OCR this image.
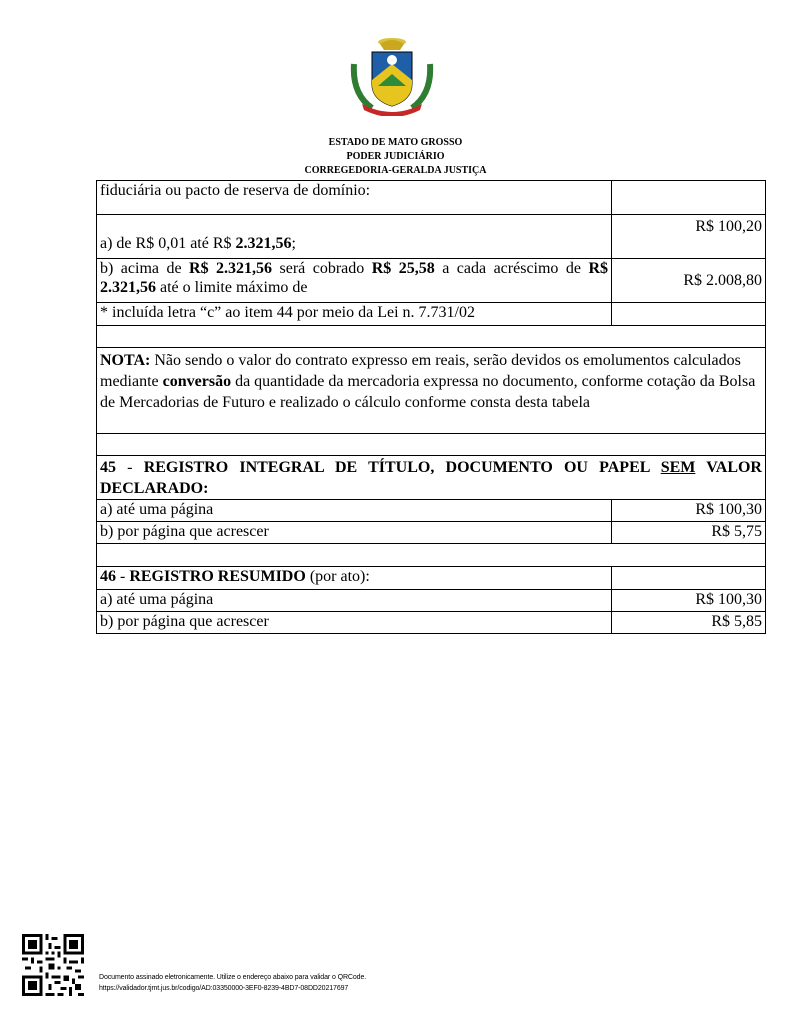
ESTADO DE MATO GROSSO
PODER JUDICIÁRIO
CORREGEDORIA-GERALDA JUSTIÇA
fiduciária ou pacto de reserva de domínio:	
a) de R$ 0,01 até R$ 2.321,56;	R$ 100,20
b) acima de R$ 2.321,56 será cobrado R$ 25,58 a cada acréscimo de R$ 2.321,56 até o limite máximo de	R$ 2.008,80
* incluída letra “c” ao item 44 por meio da Lei n. 7.731/02	

NOTA: Não sendo o valor do contrato expresso em reais, serão devidos os emolumentos calculados mediante conversão da quantidade da mercadoria expressa no documento, conforme cotação da Bolsa de Mercadorias de Futuro e realizado o cálculo conforme consta desta tabela	

45 - REGISTRO INTEGRAL DE TÍTULO, DOCUMENTO OU PAPEL SEM VALOR DECLARADO:	
a) até uma página	R$ 100,30
b) por página que acrescer	R$ 5,75

46 - REGISTRO RESUMIDO (por ato):	
a) até uma página	R$ 100,30
b) por página que acrescer	R$ 5,85
Documento assinado eletronicamente. Utilize o endereço abaixo para validar o QRCode.
https://validador.tjmt.jus.br/codigo/AD:03350000-3EF0-8239-4BD7-08DD20217697
